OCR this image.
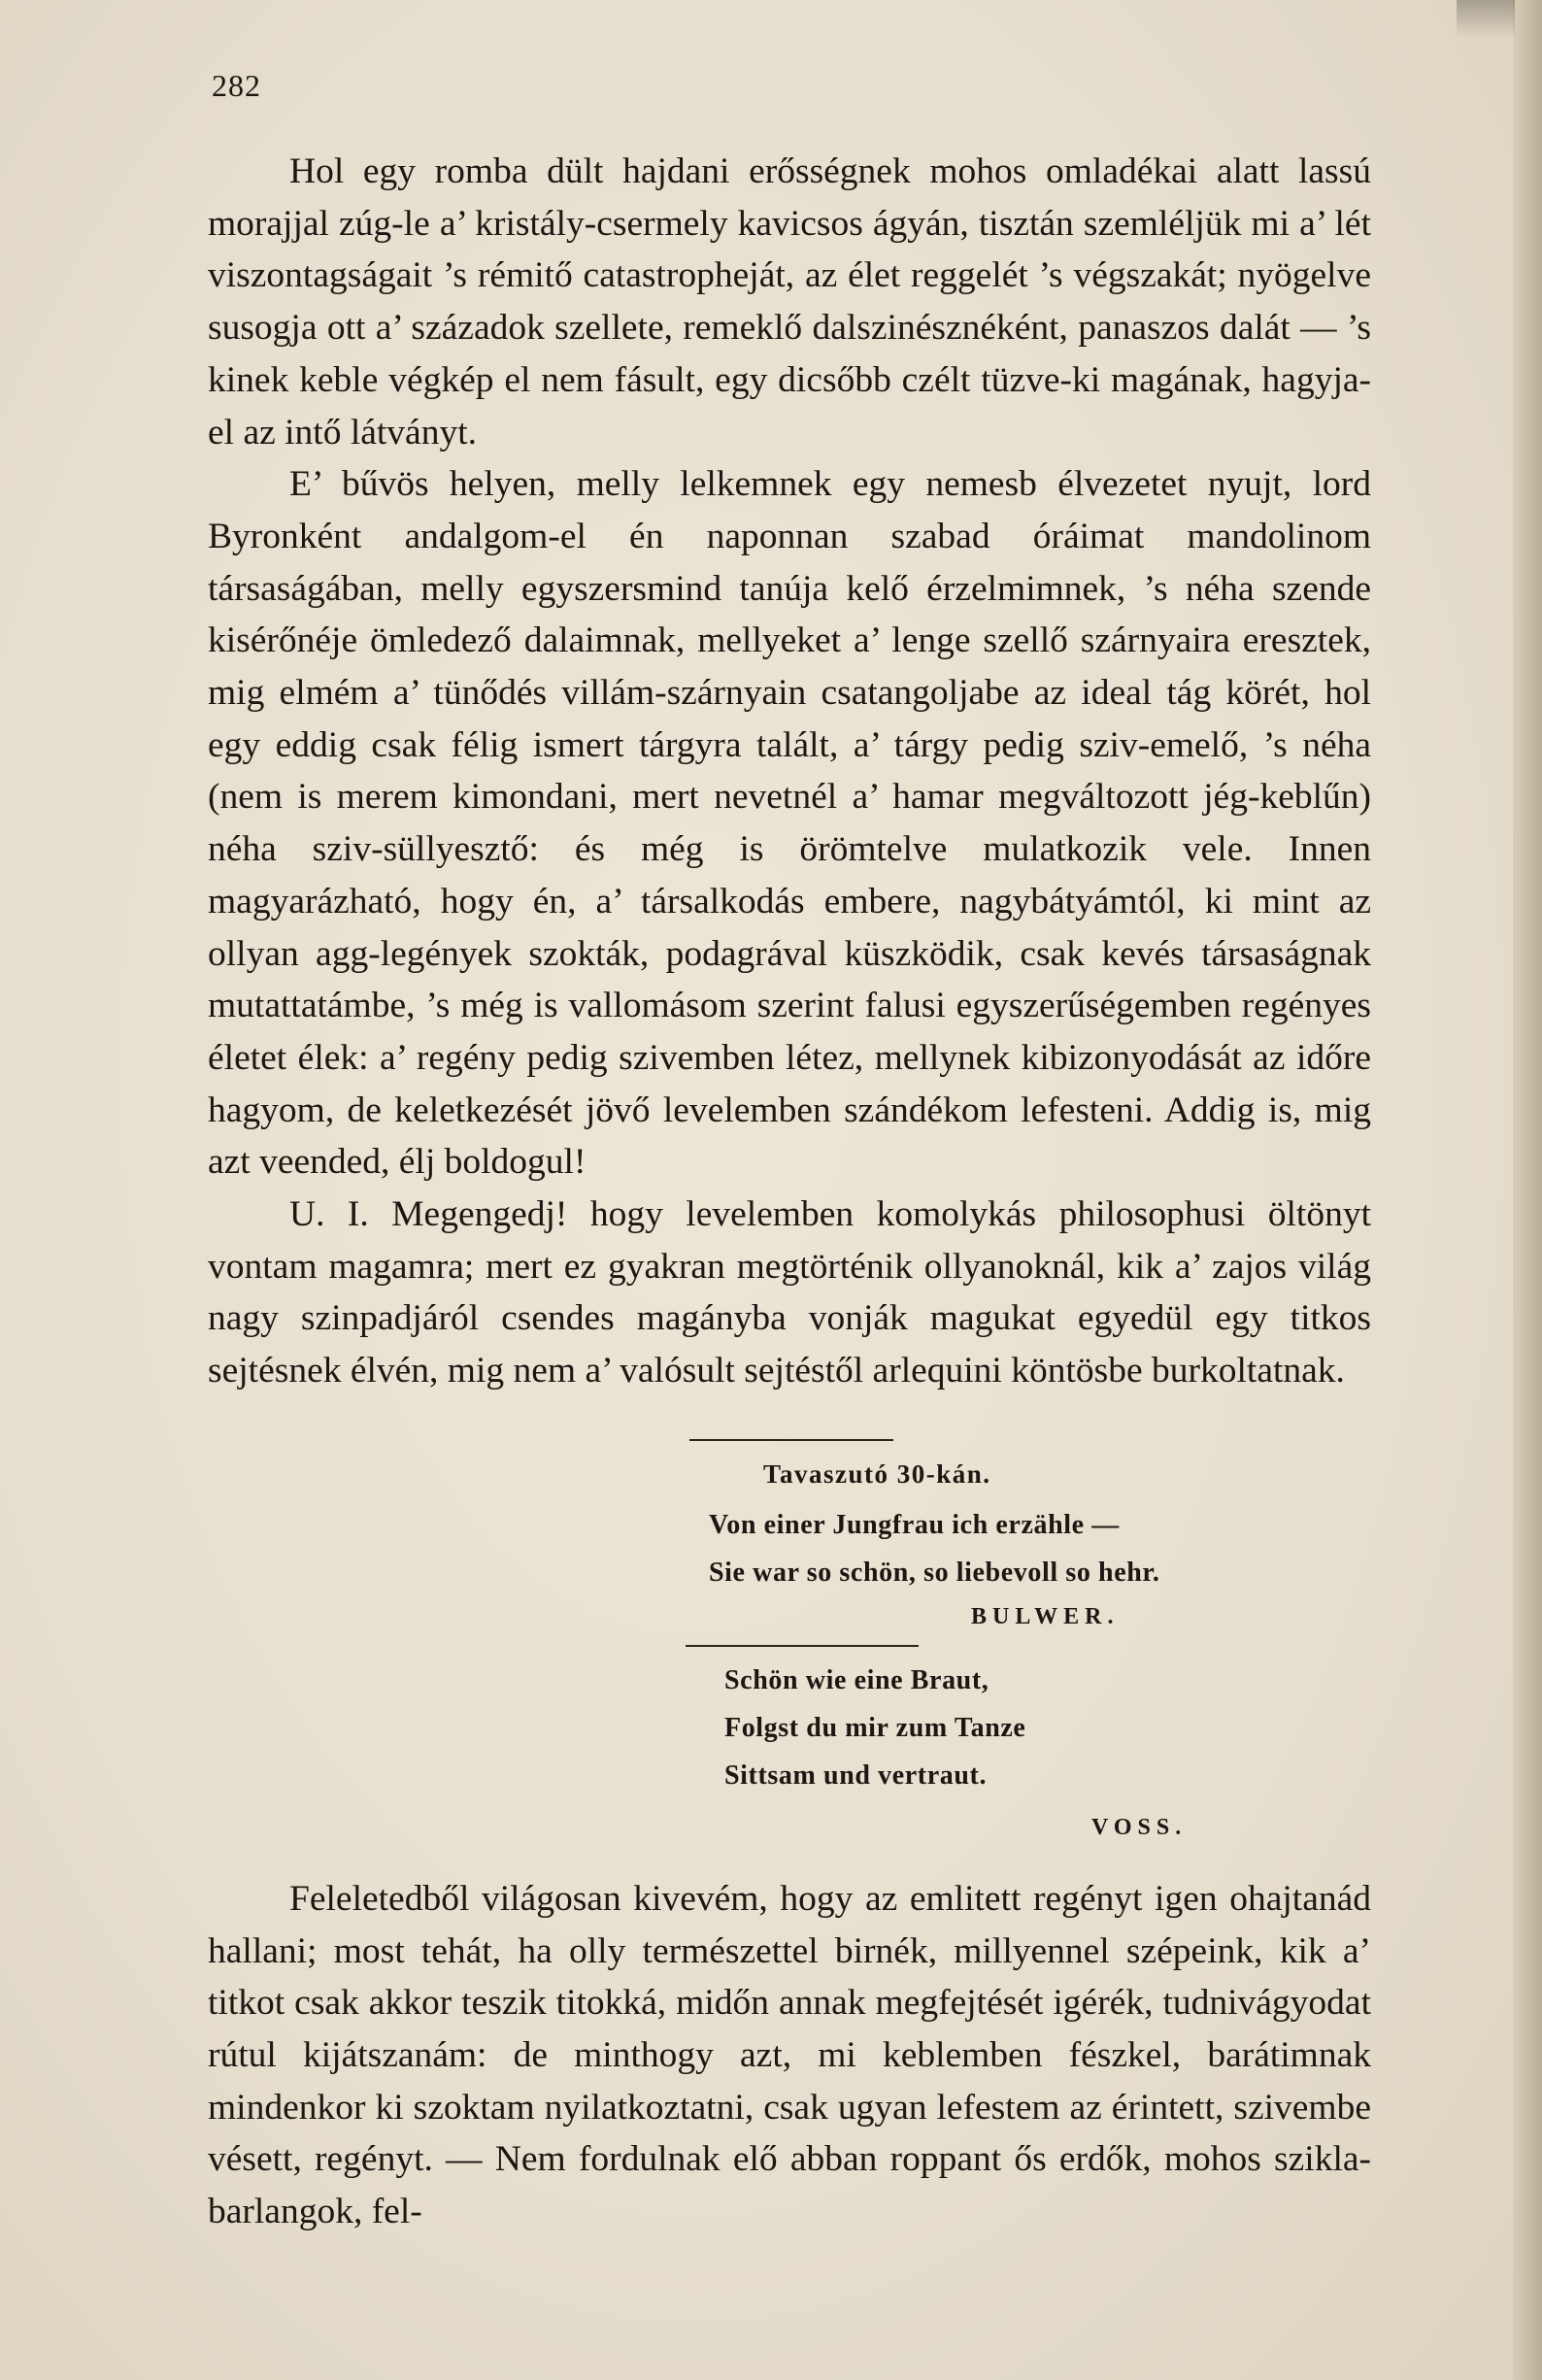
282

Hol egy romba dült hajdani erősségnek mohos omladékai alatt lassú morajjal zúg-le a’ kristály-csermely kavicsos ágyán, tisztán szemléljük mi a’ lét viszontagságait ’s rémitő catastropheját, az élet reggelét ’s végszakát; nyögelve susogja ott a’ századok szellete, remeklő dalszinésznéként, panaszos dalát — ’s kinek keble végkép el nem fásult, egy dicsőbb czélt tüzve-ki magának, hagyja-el az intő látványt.

E’ bűvös helyen, melly lelkemnek egy nemesb élvezetet nyujt, lord Byronként andalgom-el én naponnan szabad óráimat mandolinom társaságában, melly egyszersmind tanúja kelő érzelmimnek, ’s néha szende kisérőnéje ömledező dalaimnak, mellyeket a’ lenge szellő szárnyaira eresztek, mig elmém a’ tünődés villám-szárnyain csatangoljabe az ideal tág körét, hol egy eddig csak félig ismert tárgyra talált, a’ tárgy pedig sziv-emelő, ’s néha (nem is merem kimondani, mert nevetnél a’ hamar megváltozott jég-keblűn) néha sziv-süllyesztő: és még is örömtelve mulatkozik vele. Innen magyarázható, hogy én, a’ társalkodás embere, nagybátyámtól, ki mint az ollyan agg-legények szokták, podagrával küszködik, csak kevés társaságnak mutattatámbe, ’s még is vallomásom szerint falusi egyszerűségemben regényes életet élek: a’ regény pedig szivemben létez, mellynek kibizonyodását az időre hagyom, de keletkezését jövő levelemben szándékom lefesteni. Addig is, mig azt veended, élj boldogul!

U. I. Megengedj! hogy levelemben komolykás philosophusi öltönyt vontam magamra; mert ez gyakran megtörténik ollyanoknál, kik a’ zajos világ nagy szinpadjáról csendes magányba vonják magukat egyedül egy titkos sejtésnek élvén, mig nem a’ valósult sejtéstől arlequini köntösbe burkoltatnak.

Tavaszutó 30-kán.
Von einer Jungfrau ich erzähle —
Sie war so schön, so liebevoll so hehr.
BULWER.
Schön wie eine Braut,
Folgst du mir zum Tanze
Sittsam und vertraut.
VOSS.

Feleletedből világosan kivevém, hogy az emlitett regényt igen ohajtanád hallani; most tehát, ha olly természettel birnék, millyennel szépeink, kik a’ titkot csak akkor teszik titokká, midőn annak megfejtését igérék, tudnivágyodat rútul kijátszanám: de minthogy azt, mi keblemben fészkel, barátimnak mindenkor ki szoktam nyilatkoztatni, csak ugyan lefestem az érintett, szivembe vésett, regényt. — Nem fordulnak elő abban roppant ős erdők, mohos szikla-barlangok, fel-
